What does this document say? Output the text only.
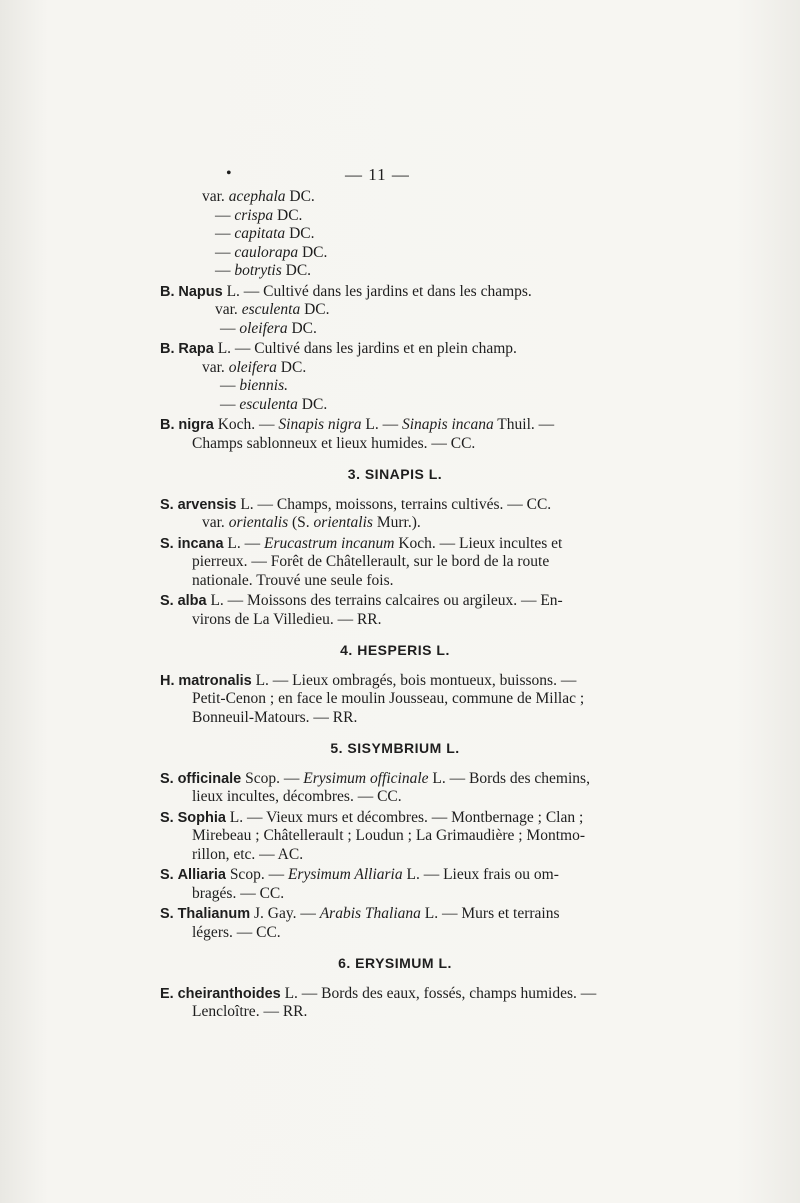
•	— 11 —
var. acephala DC.
— crispa DC.
— capitata DC.
— caulorapa DC.
— botrytis DC.
B. Napus L. — Cultivé dans les jardins et dans les champs.
var. esculenta DC.
— oleifera DC.
B. Rapa L. — Cultivé dans les jardins et en plein champ.
var. oleifera DC.
— biennis.
— esculenta DC.
B. nigra Koch. — Sinapis nigra L. — Sinapis incana Thuil. —
Champs sablonneux et lieux humides. — CC.
3. SINAPIS L.
S. arvensis L. — Champs, moissons, terrains cultivés. — CC.
var. orientalis (S. orientalis Murr.).
S. incana L. — Erucastrum incanum Koch. — Lieux incultes et
pierreux. — Forêt de Châtellerault, sur le bord de la route
nationale. Trouvé une seule fois.
S. alba L. — Moissons des terrains calcaires ou argileux. — En-
virons de La Villedieu. — RR.
4. HESPERIS L.
H. matronalis L. — Lieux ombragés, bois montueux, buissons. —
Petit-Cenon ; en face le moulin Jousseau, commune de Millac ;
Bonneuil-Matours. — RR.
5. SISYMBRIUM L.
S. officinale Scop. — Erysimum officinale L. — Bords des chemins,
lieux incultes, décombres. — CC.
S. Sophia L. — Vieux murs et décombres. — Montbernage ; Clan ;
Mirebeau ; Châtellerault ; Loudun ; La Grimaudière ; Montmo-
rillon, etc. — AC.
S. Alliaria Scop. — Erysimum Alliaria L. — Lieux frais ou om-
bragés. — CC.
S. Thalianum J. Gay. — Arabis Thaliana L. — Murs et terrains
légers. — CC.
6. ERYSIMUM L.
E. cheiranthoides L. — Bords des eaux, fossés, champs humides. —
Lencloître. — RR.
